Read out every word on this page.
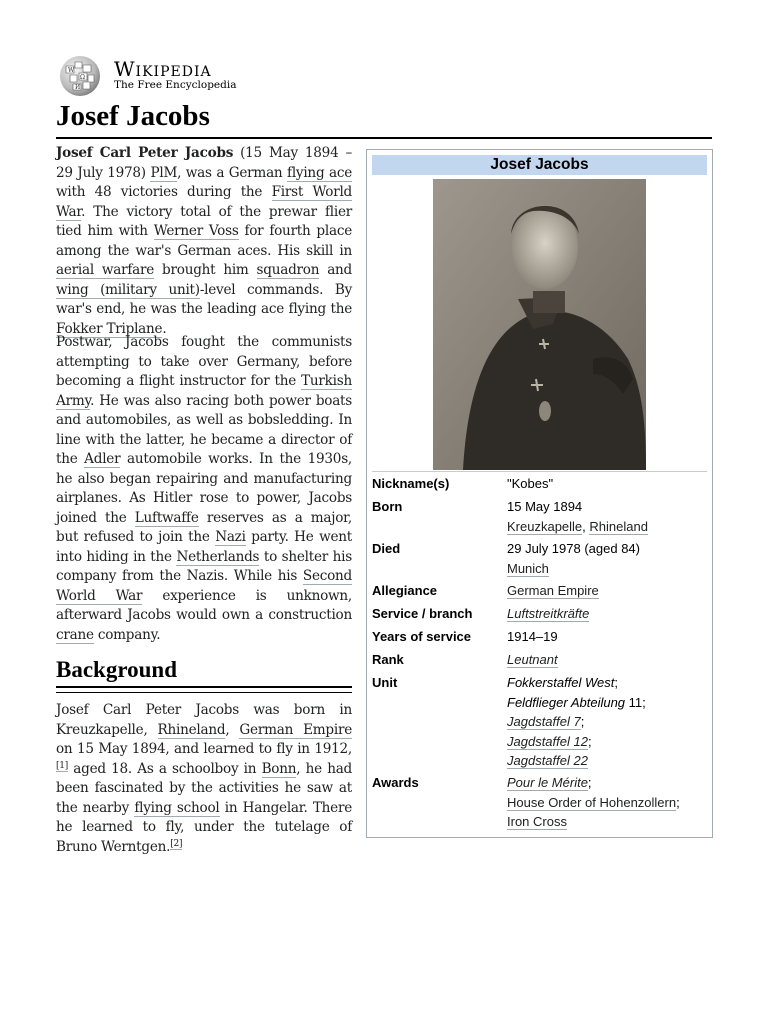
W
Ω
И
Wikipedia
The Free Encyclopedia
Josef Jacobs

Josef Carl Peter Jacobs (15 May 1894 – 29 July 1978) PlM, was a German flying ace with 48 victories during the First World War. The victory total of the prewar flier tied him with Werner Voss for fourth place among the war's German aces. His skill in aerial warfare brought him squadron and wing (military unit)-level commands. By war's end, he was the leading ace flying the Fokker Triplane.

Postwar, Jacobs fought the communists attempting to take over Germany, before becoming a flight instructor for the Turkish Army. He was also racing both power boats and automobiles, as well as bobsledding. In line with the latter, he became a director of the Adler automobile works. In the 1930s, he also began repairing and manufacturing airplanes. As Hitler rose to power, Jacobs joined the Luftwaffe reserves as a major, but refused to join the Nazi party. He went into hiding in the Netherlands to shelter his company from the Nazis. While his Second World War experience is unknown, afterward Jacobs would own a construction crane company.

Background

Josef Carl Peter Jacobs was born in Kreuzkapelle, Rhineland, German Empire on 15 May 1894, and learned to fly in 1912,[1] aged 18. As a schoolboy in Bonn, he had been fascinated by the activities he saw at the nearby flying school in Hangelar. There he learned to fly, under the tutelage of Bruno Werntgen.[2]

Josef Jacobs
Nickname(s)	"Kobes"
Born	15 May 1894
Kreuzkapelle, Rhineland
Died	29 July 1978 (aged 84)
Munich
Allegiance	German Empire
Service / branch	Luftstreitkräfte
Years of service	1914–19
Rank	Leutnant
Unit	Fokkerstaffel West;
Feldflieger Abteilung 11;
Jagdstaffel 7;
Jagdstaffel 12;
Jagdstaffel 22
Awards	Pour le Mérite;
House Order of Hohenzollern;
Iron Cross
